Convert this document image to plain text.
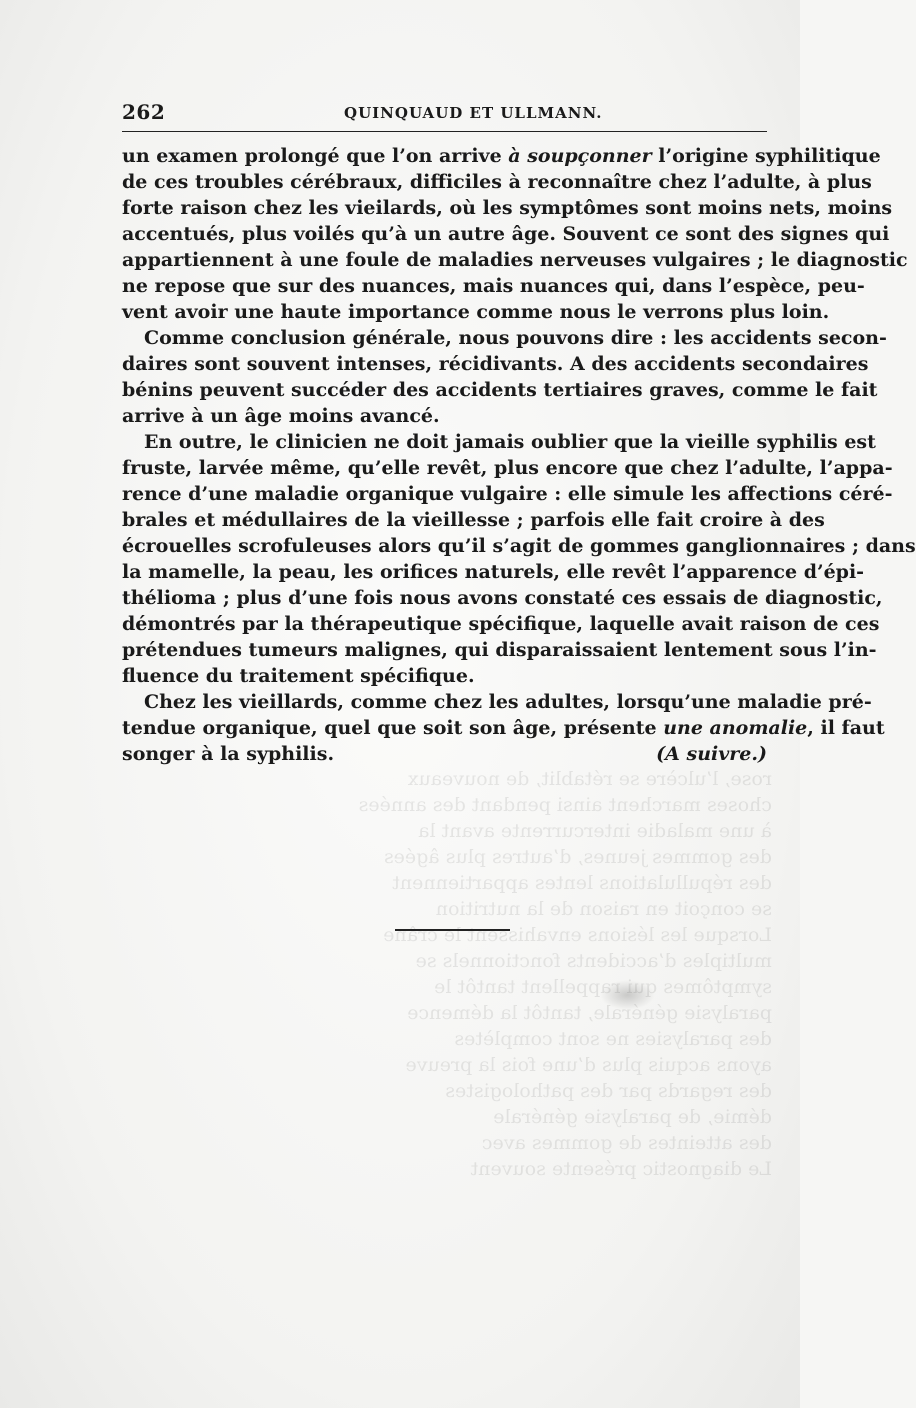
rose, l’ulcère se rétablit, de nouveaux
choses marchent ainsi pendant des années
à une maladie intercurrente avant la
des gommes jeunes, d’autres plus âgées
des répullulations lentes appartiennent
se conçoit en raison de la nutrition
Lorsque les lésions envahissent le crâne
multiples d’accidents fonctionnels se
symptômes rappellent tantôt le
paralysie générale, tantôt la démence
des paralysies ne sont complètes
ayons acquis plus d’une fois la preuve
des regards par des pathologistes
démie, de paralysie générale
des atteintes de gommes avec
Le diagnostic présente souvent
262	QUINQUAUD ET ULLMANN.
un examen prolongé que l’on arrive à soupçonner l’origine syphilitique
de ces troubles cérébraux, difficiles à reconnaître chez l’adulte, à plus
forte raison chez les vieilards, où les symptômes sont moins nets, moins
accentués, plus voilés qu’à un autre âge. Souvent ce sont des signes qui
appartiennent à une foule de maladies nerveuses vulgaires ; le diagnostic
ne repose que sur des nuances, mais nuances qui, dans l’espèce, peu-
vent avoir une haute importance comme nous le verrons plus loin.
Comme conclusion générale, nous pouvons dire : les accidents secon-
daires sont souvent intenses, récidivants. A des accidents secondaires
bénins peuvent succéder des accidents tertiaires graves, comme le fait
arrive à un âge moins avancé.
En outre, le clinicien ne doit jamais oublier que la vieille syphilis est
fruste, larvée même, qu’elle revêt, plus encore que chez l’adulte, l’appa-
rence d’une maladie organique vulgaire : elle simule les affections céré-
brales et médullaires de la vieillesse ; parfois elle fait croire à des
écrouelles scrofuleuses alors qu’il s’agit de gommes ganglionnaires ; dans
la mamelle, la peau, les orifices naturels, elle revêt l’apparence d’épi-
thélioma ; plus d’une fois nous avons constaté ces essais de diagnostic,
démontrés par la thérapeutique spécifique, laquelle avait raison de ces
prétendues tumeurs malignes, qui disparaissaient lentement sous l’in-
fluence du traitement spécifique.
Chez les vieillards, comme chez les adultes, lorsqu’une maladie pré-
tendue organique, quel que soit son âge, présente une anomalie, il faut
songer à la syphilis.	(A suivre.)
